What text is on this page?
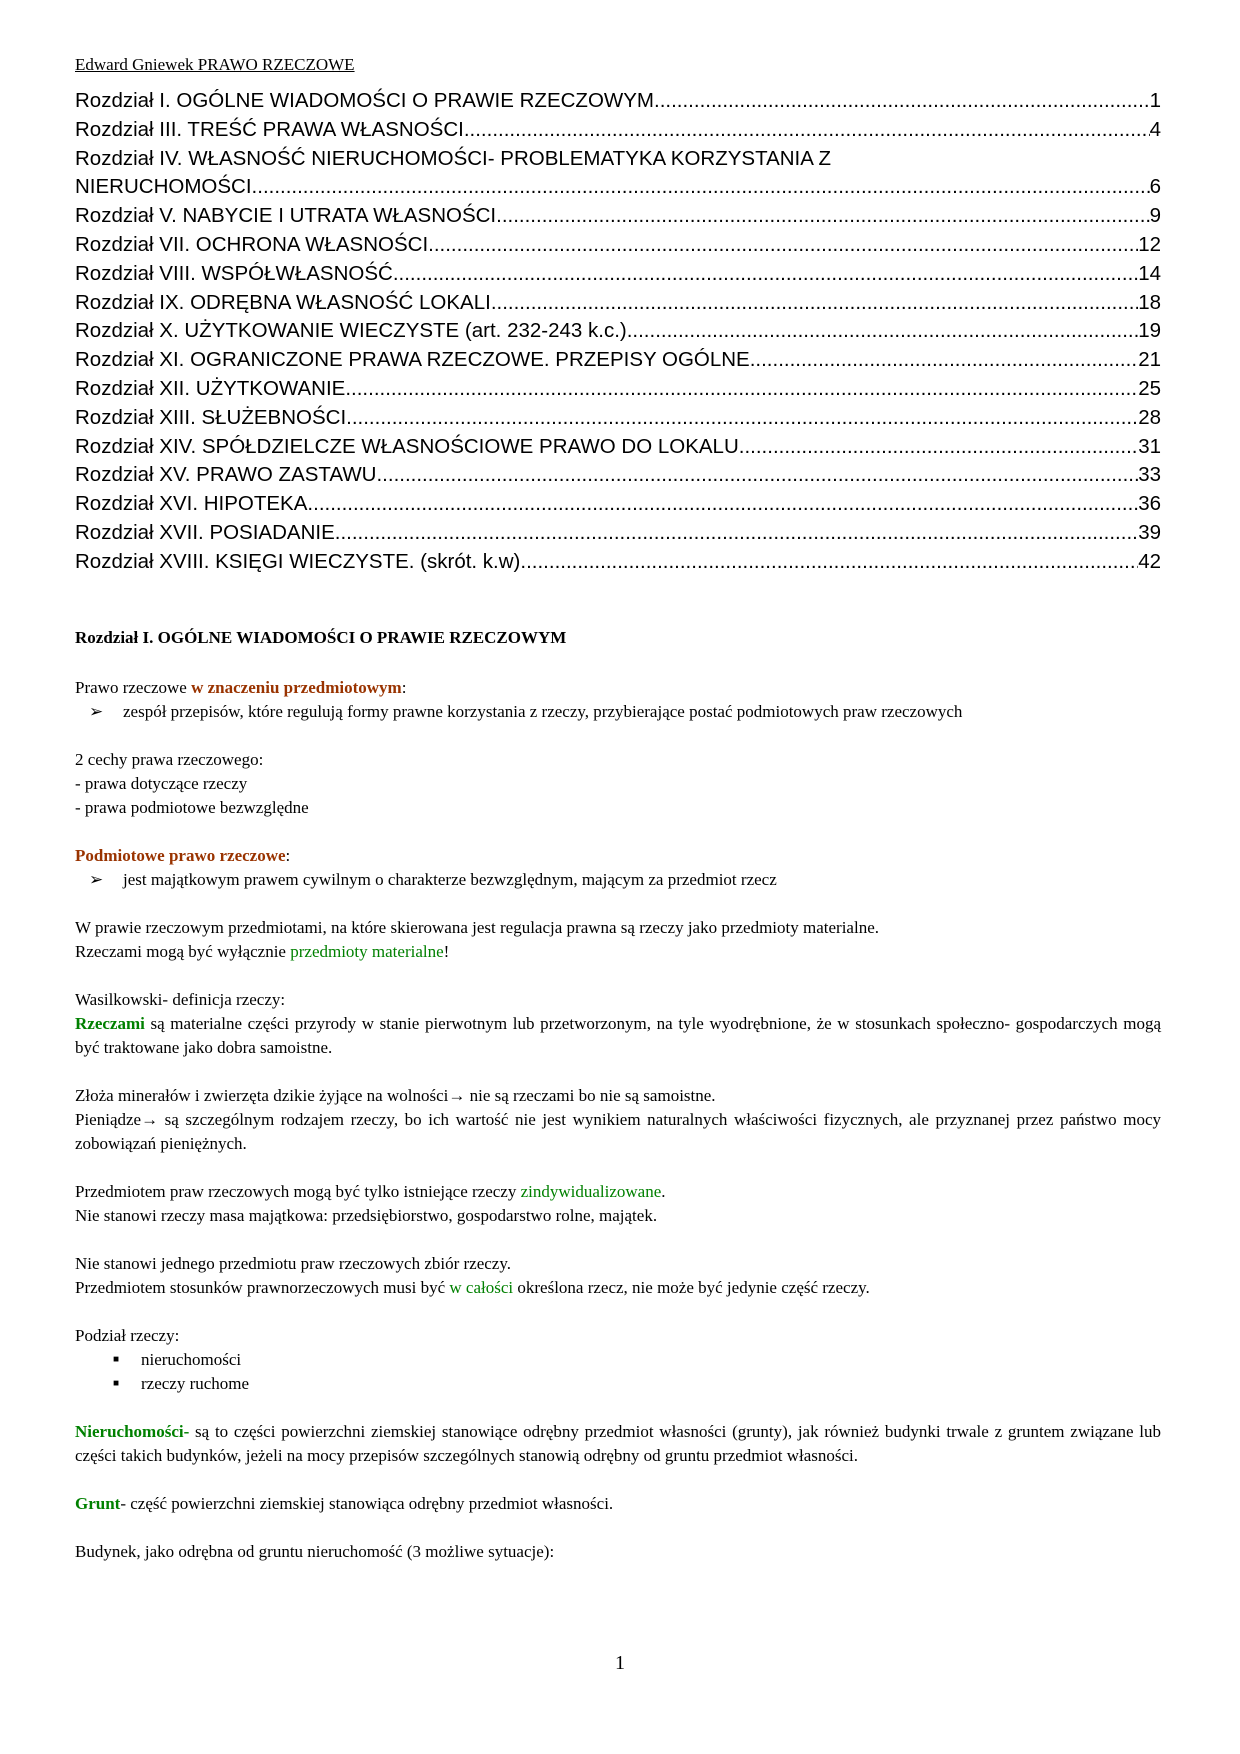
Edward Gniewek PRAWO RZECZOWE
Rozdział I. OGÓLNE WIADOMOŚCI O PRAWIE RZECZOWYM .....	1
Rozdział III. TREŚĆ PRAWA WŁASNOŚCI .....	4
Rozdział IV. WŁASNOŚĆ NIERUCHOMOŚCI- PROBLEMATYKA KORZYSTANIA Z
NIERUCHOMOŚCI .....	6
Rozdział V. NABYCIE I UTRATA WŁASNOŚCI .....	9
Rozdział VII. OCHRONA WŁASNOŚCI .....	12
Rozdział VIII. WSPÓŁWŁASNOŚĆ .....	14
Rozdział IX. ODRĘBNA WŁASNOŚĆ LOKALI .....	18
Rozdział X. UŻYTKOWANIE WIECZYSTE (art. 232-243 k.c.) .....	19
Rozdział XI. OGRANICZONE PRAWA RZECZOWE. PRZEPISY OGÓLNE .....	21
Rozdział XII. UŻYTKOWANIE .....	25
Rozdział XIII. SŁUŻEBNOŚCI .....	28
Rozdział XIV. SPÓŁDZIELCZE WŁASNOŚCIOWE PRAWO DO LOKALU .....	31
Rozdział XV. PRAWO ZASTAWU .....	33
Rozdział XVI. HIPOTEKA .....	36
Rozdział XVII. POSIADANIE .....	39
Rozdział XVIII. KSIĘGI WIECZYSTE. (skrót. k.w) .....	42

Rozdział I. OGÓLNE WIADOMOŚCI O PRAWIE RZECZOWYM

Prawo rzeczowe w znaczeniu przedmiotowym:

➢	zespół przepisów, które regulują formy prawne korzystania z rzeczy, przybierające postać podmiotowych praw rzeczowych

2 cechy prawa rzeczowego:

- prawa dotyczące rzeczy

- prawa podmiotowe bezwzględne

Podmiotowe prawo rzeczowe:

➢	jest majątkowym prawem cywilnym o charakterze bezwzględnym, mającym za przedmiot rzecz

W prawie rzeczowym przedmiotami, na które skierowana jest regulacja prawna są rzeczy jako przedmioty materialne.

Rzeczami mogą być wyłącznie przedmioty materialne!

Wasilkowski- definicja rzeczy:

Rzeczami są materialne części przyrody w stanie pierwotnym lub przetworzonym, na tyle wyodrębnione, że w stosunkach społeczno- gospodarczych mogą być traktowane jako dobra samoistne.

Złoża minerałów i zwierzęta dzikie żyjące na wolności→ nie są rzeczami bo nie są samoistne.

Pieniądze→ są szczególnym rodzajem rzeczy, bo ich wartość nie jest wynikiem naturalnych właściwości fizycznych, ale przyznanej przez państwo mocy zobowiązań pieniężnych.

Przedmiotem praw rzeczowych mogą być tylko istniejące rzeczy zindywidualizowane.

Nie stanowi rzeczy masa majątkowa: przedsiębiorstwo, gospodarstwo rolne, majątek.

Nie stanowi jednego przedmiotu praw rzeczowych zbiór rzeczy.

Przedmiotem stosunków prawnorzeczowych musi być w całości określona rzecz, nie może być jedynie część rzeczy.

Podział rzeczy:

■	nieruchomości
■	rzeczy ruchome

Nieruchomości- są to części powierzchni ziemskiej stanowiące odrębny przedmiot własności (grunty), jak również budynki trwale z gruntem związane lub części takich budynków, jeżeli na mocy przepisów szczególnych stanowią odrębny od gruntu przedmiot własności.

Grunt- część powierzchni ziemskiej stanowiąca odrębny przedmiot własności.

Budynek, jako odrębna od gruntu nieruchomość (3 możliwe sytuacje):

1
